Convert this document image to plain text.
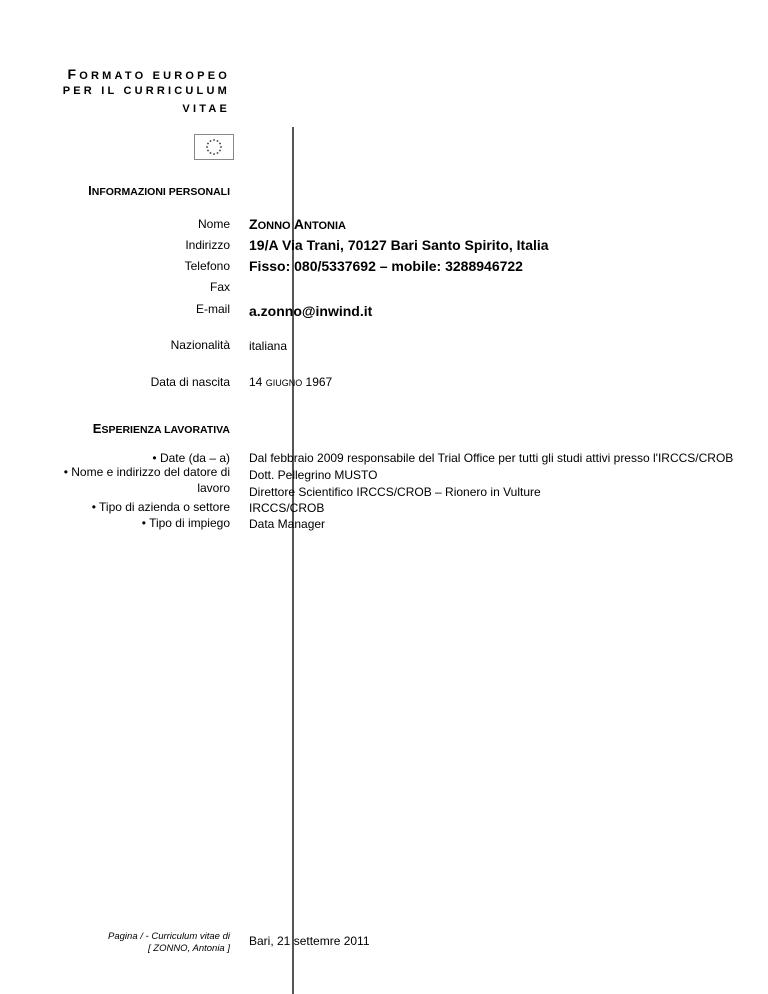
FORMATO EUROPEO
PER IL CURRICULUM
VITAE
INFORMAZIONI PERSONALI
Nome ZONNO ANTONIA
Indirizzo 19/A Via Trani, 70127 Bari Santo Spirito, Italia
Telefono Fisso: 080/5337692 – mobile: 3288946722
Fax
E-mail a.zonno@inwind.it
Nazionalità italiana
Data di nascita 14 GIUGNO 1967
ESPERIENZA LAVORATIVA
• Date (da – a)
• Nome e indirizzo del datore di
lavoro
• Tipo di azienda o settore
• Tipo di impiego
Dal febbraio 2009 responsabile del Trial Office per tutti gli studi attivi presso l'IRCCS/CROB
Dott. Pellegrino MUSTO
Direttore Scientifico IRCCS/CROB – Rionero in Vulture
IRCCS/CROB
Data Manager
Pagina / - Curriculum vitae di
[ ZONNO, Antonia ]
Bari, 21 settemre 2011
